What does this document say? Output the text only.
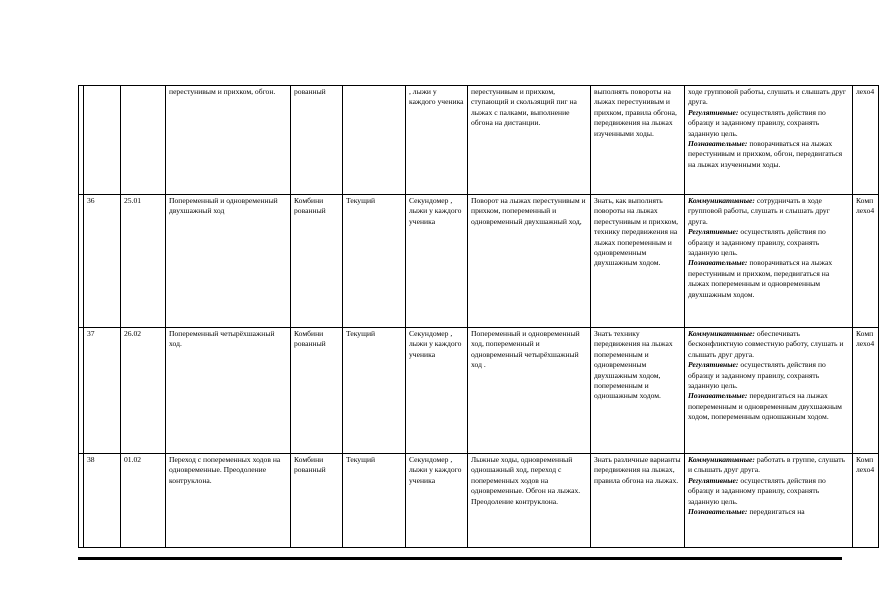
			перестунивым и прихком, обгон.	рованный		, лыжи у каждого ученика	перестунивым и прихком, ступающий и скользящий пиг на лыжах с палками, выполнение обгона на дистанции.	выполнять повороты на лыжах перестунивым и прихком, правила обгона, передвижения на лыжах изученными ходы.	ходе групповой работы, слушать и слышать друг друга.
Регулятивные: осуществлять действия по образцу и заданному правилу, сохранять заданную цель.
Познавательные: поворачиваться на лыжах перестунивым и прихком, обгон, передвигаться на лыжах изученными ходы.	лехо4
	36	25.01	Попеременный и одновременный двухшажный ход	Комбини рованный	Текущий	Секундомер , лыжи у каждого ученика	Поворот на лыжах перестунивым и прихком, попеременный и одновременный двухшажный ход,	Знать, как выполнять повороты на лыжах перестунивым и прихком, технику передвижения на лыжах попеременным и одновременным двухшажным ходом.	Коммуникативные: сотрудничать в ходе групповой работы, слушать и слышать друг друга.
Регулятивные: осуществлять действия по образцу и заданному правилу, сохранять заданную цель.
Познавательные: поворачиваться на лыжах перестунивым и прихком, передвигаться на лыжах попеременным и одновременным двухшажным ходом.	Комп лехо4
	37	26.02	Попеременный четырёхшажный ход.	Комбини рованный	Текущий	Секундомер , лыжи у каждого ученика	Попеременный и одновременный ход, попеременный и одновременный четырёхшажный ход .	Знать технику передвижения на лыжах попеременным и одновременным двухшажным ходом, попеременным и одношажным ходом.	Коммуникативные: обеспечивать бесконфликтную совместную работу, слушать и слышать друг друга.
Регулятивные: осуществлять действия по образцу и заданному правилу, сохранять заданную цель.
Познавательные: передвигаться на лыжах попеременным и одновременным двухшажным ходом, попеременным одношажным ходом.	Комп лехо4
	38	01.02	Переход с попеременных ходов на одновременные. Преодоление контруклона.	Комбини рованный	Текущий	Секундомер , лыжи у каждого ученика	Лыжные ходы, одновременный одношажный ход, переход с попеременных ходов на одновременные. Обгон на лыжах. Преодоление контруклона.	Знать различные варианты передвижения на лыжах, правила обгона на лыжах.	Коммуникативные: работать в группе, слушать и слышать друг друга.
Регулятивные: осуществлять действия по образцу и заданному правилу, сохранять заданную цель.
Познавательные: передвигаться на	Комп лехо4
